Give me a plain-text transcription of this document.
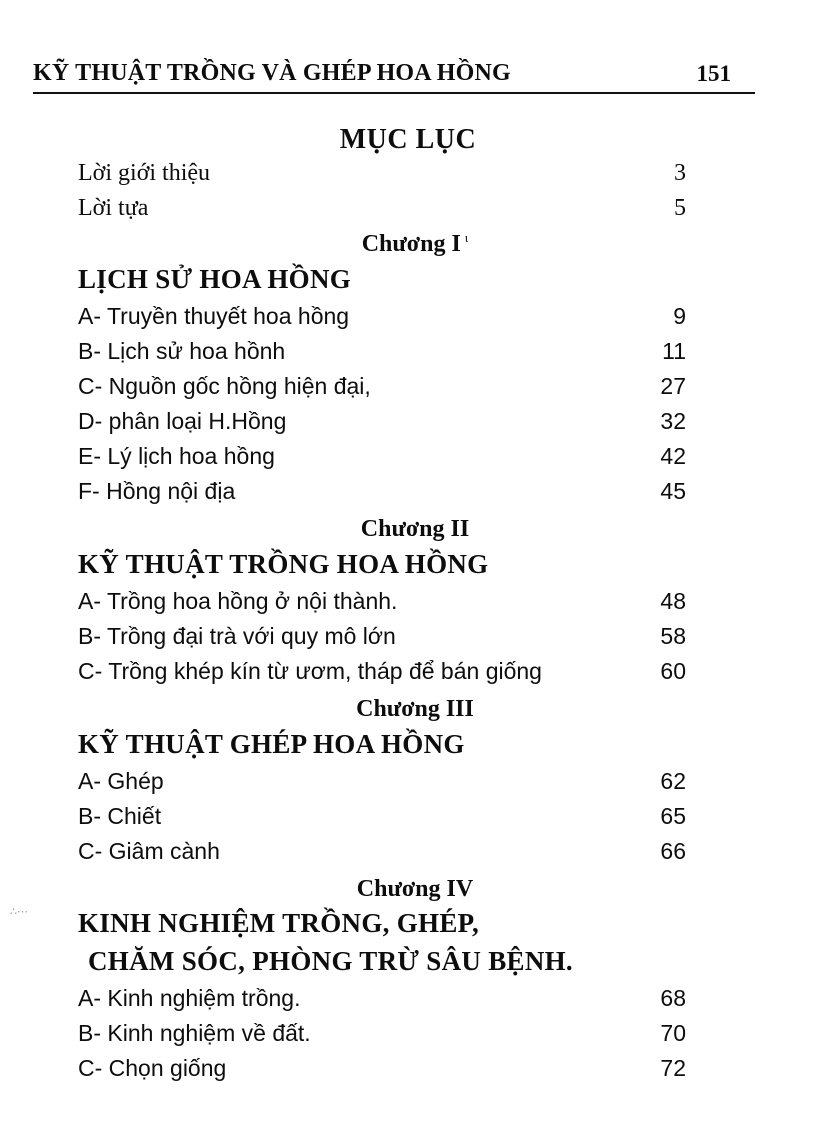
KỸ THUẬT TRỒNG VÀ GHÉP HOA HỒNG	151
MỤC LỤC
Lời giới thiệu	3
Lời tựa	5
Chương I $^\iota$
LỊCH SỬ HOA HỒNG
A- Truyền thuyết hoa hồng	9
B- Lịch sử hoa hồnh	11
C- Nguồn gốc hồng hiện đại,	27
D- phân loại H.Hồng	32
E- Lý lịch hoa hồng	42
F- Hồng nội địa	45
Chương II
KỸ THUẬT TRỒNG HOA HỒNG
A- Trồng hoa hồng ở nội thành.	48
B- Trồng đại trà với quy mô lớn	58
C- Trồng khép kín từ ươm, tháp để bán giống	60
Chương III
KỸ THUẬT GHÉP HOA HỒNG
A- Ghép	62
B- Chiết	65
C- Giâm cành	66
Chương IV
KINH NGHIỆM TRỒNG, GHÉP,
CHĂM SÓC, PHÒNG TRỪ SÂU BỆNH.
A- Kinh nghiệm trồng.	68
B- Kinh nghiệm về đất.	70
C- Chọn giống	72
∴⋯
